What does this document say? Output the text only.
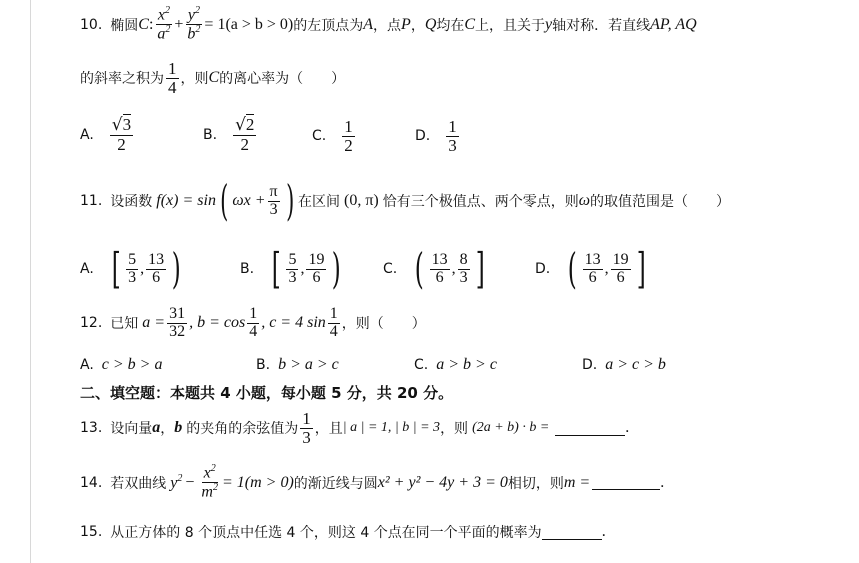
10. 椭圆 C : $\frac{x^2}{a^2} + \frac{y^2}{b^2} = 1(a > b > 0)$ 的左顶点为 A ，点 P ， Q 均在 C 上，且关于 y 轴对称．若直线 AP, AQ
的斜率之积为 $\frac{1}{4}$ ，则 C 的离心率为（　　）
A. $\frac{√3}{2}$	B. $\frac{√2}{2}$	C. $\frac{1}{2}$	D. $\frac{1}{3}$
11. 设函数 f(x) = sin ( $\omega x + \frac{\pi}{3}$ ) 在区间 (0, π) 恰有三个极值点、两个零点，则 ω 的取值范围是（　　）
A. [ $\frac{5}{3}$ , $\frac{13}{6}$ )	B. [ $\frac{5}{3}$ , $\frac{19}{6}$ )	C. ( $\frac{13}{6}$ , $\frac{8}{3}$ ]	D. ( $\frac{13}{6}$ , $\frac{19}{6}$ ]
12. 已知 $a = \frac{31}{32}$ , $b = \cos \frac{1}{4}$ , c = 4 $\sin \frac{1}{4}$ ，则（　　）
A. c > b > a	B. b > a > c	C. a > b > c	D. a > c > b
二、填空题：本题共 4 小题，每小题 5 分，共 20 分。
13. 设向量 a ， b 的夹角的余弦值为 $\frac{1}{3}$ ，且 | a | = 1, | b | = 3 ，则 (2a + b) · b =	.
14. 若双曲线 $y^2 - \frac{x^2}{m^2} = 1(m > 0)$ 的渐近线与圆 x² + y² − 4y + 3 = 0 相切，则 m =	.
15. 从正方体的 8 个顶点中任选 4 个，则这 4 个点在同一个平面的概率为	.
